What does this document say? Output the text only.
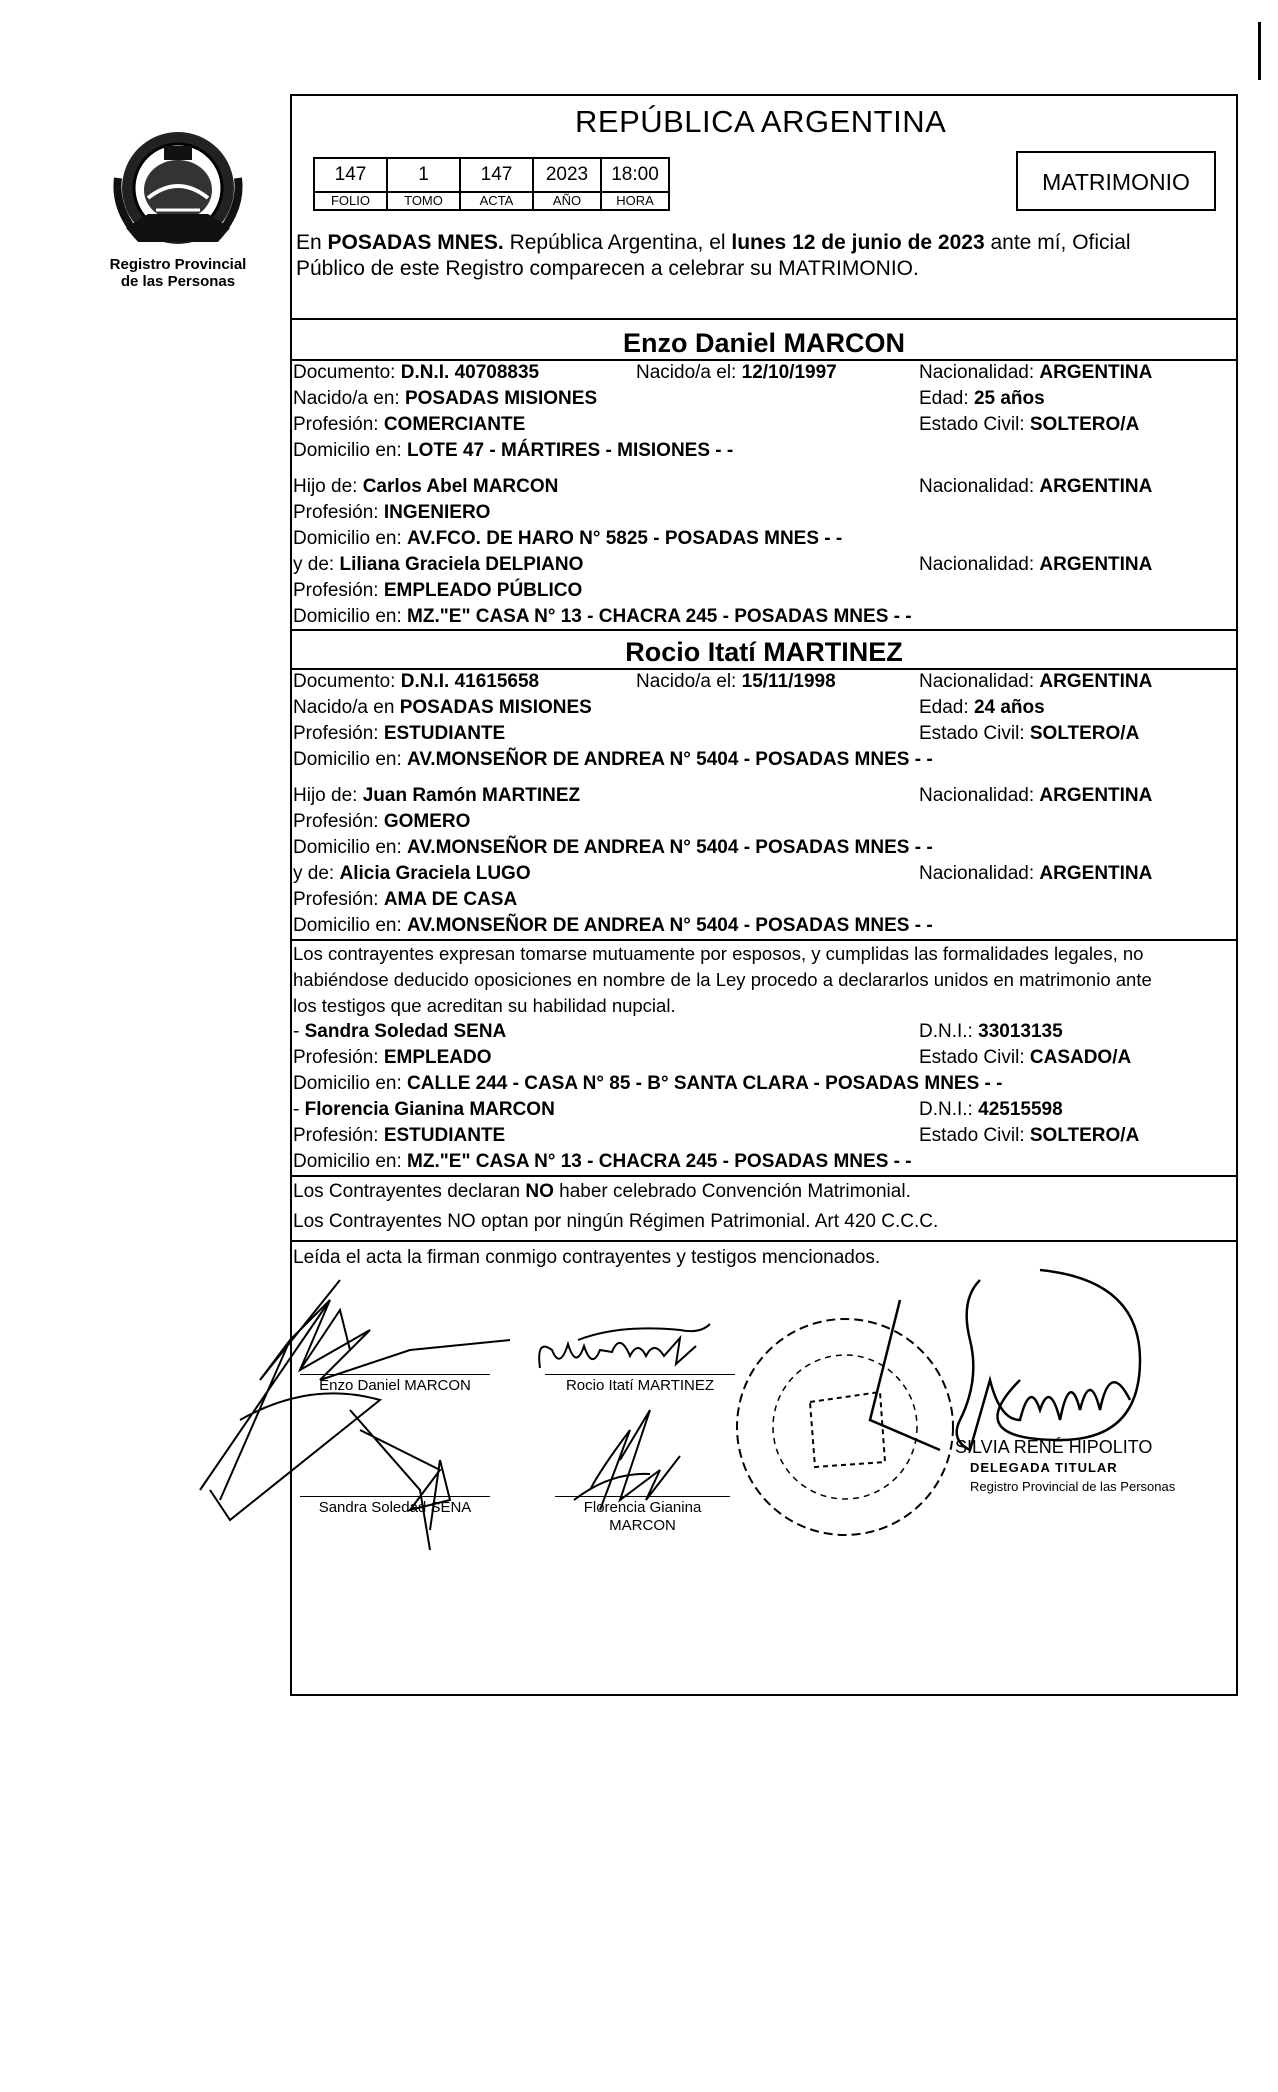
Registro Provincial
de las Personas
REPÚBLICA ARGENTINA
147	1	147	2023	18:00
FOLIO	TOMO	ACTA	AÑO	HORA
MATRIMONIO
En POSADAS MNES. República Argentina, el lunes 12 de junio de 2023 ante mí, Oficial
Público de este Registro comparecen a celebrar su MATRIMONIO.
Enzo Daniel MARCON
Documento: D.N.I. 40708835	Nacido/a el: 12/10/1997	Nacionalidad: ARGENTINA
Nacido/a en: POSADAS MISIONES	Edad: 25 años
Profesión: COMERCIANTE	Estado Civil: SOLTERO/A
Domicilio en: LOTE 47 - MÁRTIRES - MISIONES - -
Hijo de: Carlos Abel MARCON	Nacionalidad: ARGENTINA
Profesión: INGENIERO
Domicilio en: AV.FCO. DE HARO N° 5825 - POSADAS MNES - -
y de: Liliana Graciela DELPIANO	Nacionalidad: ARGENTINA
Profesión: EMPLEADO PÚBLICO
Domicilio en: MZ."E" CASA N° 13 - CHACRA 245 - POSADAS MNES - -
Rocio Itatí MARTINEZ
Documento: D.N.I. 41615658	Nacido/a el: 15/11/1998	Nacionalidad: ARGENTINA
Nacido/a en POSADAS MISIONES	Edad: 24 años
Profesión: ESTUDIANTE	Estado Civil: SOLTERO/A
Domicilio en: AV.MONSEÑOR DE ANDREA N° 5404 - POSADAS MNES - -
Hijo de: Juan Ramón MARTINEZ	Nacionalidad: ARGENTINA
Profesión: GOMERO
Domicilio en: AV.MONSEÑOR DE ANDREA N° 5404 - POSADAS MNES - -
y de: Alicia Graciela LUGO	Nacionalidad: ARGENTINA
Profesión: AMA DE CASA
Domicilio en: AV.MONSEÑOR DE ANDREA N° 5404 - POSADAS MNES - -
Los contrayentes expresan tomarse mutuamente por esposos, y cumplidas las formalidades legales, no
habiéndose deducido oposiciones en nombre de la Ley procedo a declararlos unidos en matrimonio ante
los testigos que acreditan su habilidad nupcial.
- Sandra Soledad SENA	D.N.I.: 33013135
Profesión: EMPLEADO	Estado Civil: CASADO/A
Domicilio en: CALLE 244 - CASA N° 85 - B° SANTA CLARA - POSADAS MNES - -
- Florencia Gianina MARCON	D.N.I.: 42515598
Profesión: ESTUDIANTE	Estado Civil: SOLTERO/A
Domicilio en: MZ."E" CASA N° 13 - CHACRA 245 - POSADAS MNES - -
Los Contrayentes declaran NO haber celebrado Convención Matrimonial.
Los Contrayentes NO optan por ningún Régimen Patrimonial. Art 420 C.C.C.
Leída el acta la firman conmigo contrayentes y testigos mencionados.
Enzo Daniel MARCON	Rocio Itatí MARTINEZ
Sandra Soledad SENA	Florencia Gianina
MARCON
SILVIA RENÉ HIPOLITO
DELEGADA TITULAR
Registro Provincial de las Personas
